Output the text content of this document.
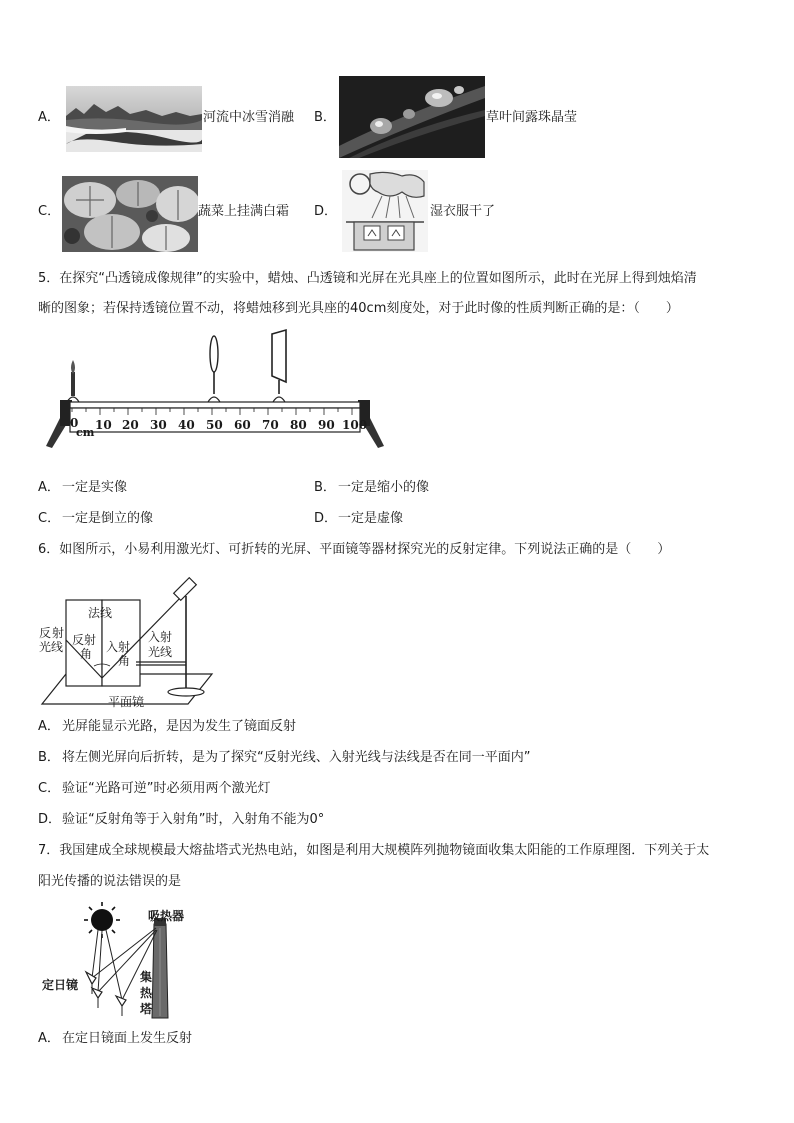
A．	河流中冰雪消融 B．	草叶间露珠晶莹
C．	蔬菜上挂满白霜 D．	湿衣服干了
5．在探究“凸透镜成像规律”的实验中，蜡烛、凸透镜和光屏在光具座上的位置如图所示，此时在光屏上得到烛焰清
晰的图象；若保持透镜位置不动，将蜡烛移到光具座的40cm刻度处，对于此时像的性质判断正确的是：（　　）
0
cm
10 20 30 40 50 60 70 80 90 100
A． 一定是实像	B． 一定是缩小的像
C． 一定是倒立的像	D． 一定是虚像
6．如图所示，小易利用激光灯、可折转的光屏、平面镜等器材探究光的反射定律。下列说法正确的是（　　）
反 射
光线
法线
反射
角 入 射
角
入射
光线
平面镜
A． 光屏能显示光路，是因为发生了镜面反射
B． 将左侧光屏向后折转，是为了探究“反射光线、入射光线与法线是否在同一平面内”
C． 验证“光路可逆”时必须用两个激光灯
D． 验证“反射角等于入射角”时，入射角不能为0°
7．我国建成全球规模最大熔盐塔式光热电站，如图是利用大规模阵列抛物镜面收集太阳能的工作原理图．下列关于太
阳光传播的说法错误的是
吸热器
定日镜
集
热
塔
A． 在定日镜面上发生反射
